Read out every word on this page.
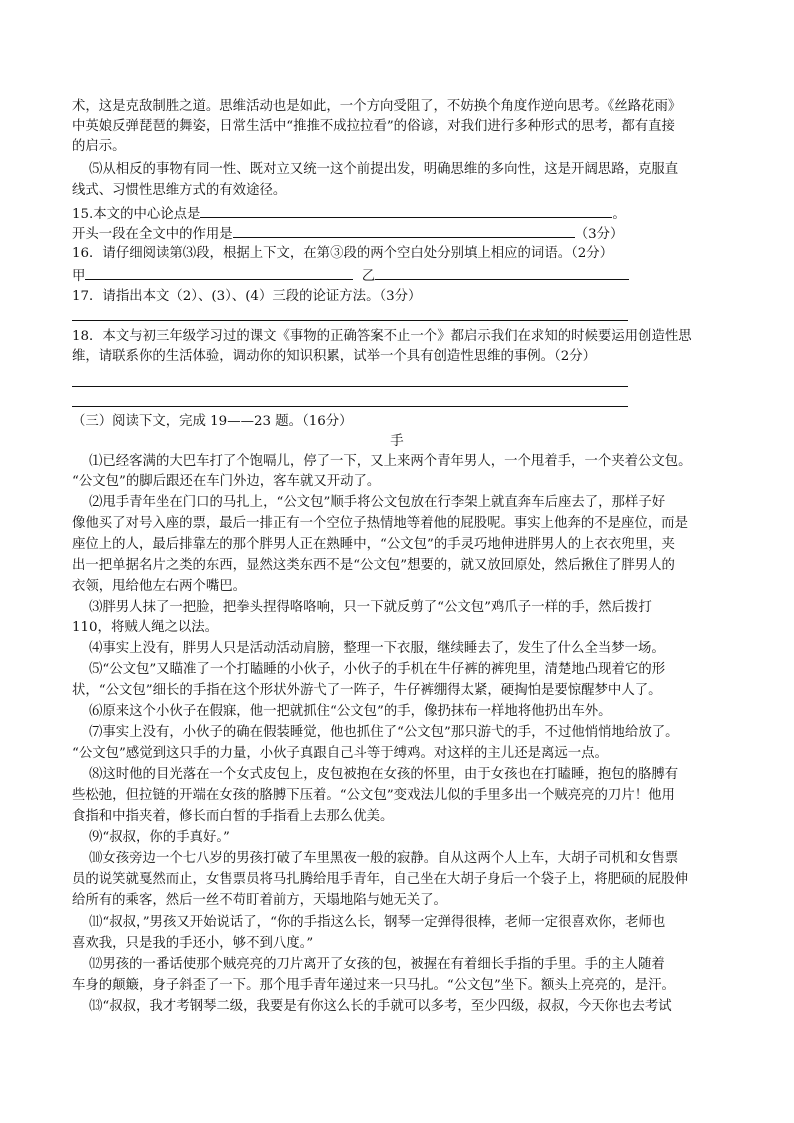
术，这是克敌制胜之道。思维活动也是如此，一个方向受阻了，不妨换个角度作逆向思考。《丝路花雨》
中英娘反弹琵琶的舞姿，日常生活中“推推不成拉拉看”的俗谚，对我们进行多种形式的思考，都有直接
的启示。
⑸从相反的事物有同一性、既对立又统一这个前提出发，明确思维的多向性，这是开阔思路，克服直
线式、习惯性思维方式的有效途径。
15.本文的中心论点是	。
开头一段在全文中的作用是	（3分）
16．请仔细阅读第⑶段，根据上下文，在第③段的两个空白处分别填上相应的词语。（2分）
甲	乙
17．请指出本文（2）、(3）、(4）三段的论证方法。（3分）
18．本文与初三年级学习过的课文《事物的正确答案不止一个》都启示我们在求知的时候要运用创造性思
维，请联系你的生活体验，调动你的知识积累，试举一个具有创造性思维的事例。（2分）
（三）阅读下文，完成 19——23 题。（16分）
手
⑴已经客满的大巴车打了个饱嗝儿，停了一下，又上来两个青年男人，一个甩着手，一个夹着公文包。
“公文包”的脚后跟还在车门外边，客车就又开动了。
⑵甩手青年坐在门口的马扎上，“公文包”顺手将公文包放在行李架上就直奔车后座去了，那样子好
像他买了对号入座的票，最后一排正有一个空位子热情地等着他的屁股呢。事实上他奔的不是座位，而是
座位上的人，最后排靠左的那个胖男人正在熟睡中，“公文包”的手灵巧地伸进胖男人的上衣衣兜里，夹
出一把单据名片之类的东西，显然这类东西不是“公文包”想要的，就又放回原处，然后揪住了胖男人的
衣领，甩给他左右两个嘴巴。
⑶胖男人抹了一把脸，把拳头捏得咯咯响，只一下就反剪了“公文包”鸡爪子一样的手，然后拨打
110，将贼人绳之以法。
⑷事实上没有，胖男人只是活动活动肩膀，整理一下衣服，继续睡去了，发生了什么全当梦一场。
⑸“公文包”又瞄准了一个打瞌睡的小伙子，小伙子的手机在牛仔裤的裤兜里，清楚地凸现着它的形
状，“公文包”细长的手指在这个形状外游弋了一阵子，牛仔裤绷得太紧，硬掏怕是要惊醒梦中人了。
⑹原来这个小伙子在假寐，他一把就抓住“公文包”的手，像扔抹布一样地将他扔出车外。
⑺事实上没有，小伙子的确在假装睡觉，他也抓住了“公文包”那只游弋的手，不过他悄悄地给放了。
“公文包”感觉到这只手的力量，小伙子真跟自己斗等于缚鸡。对这样的主儿还是离远一点。
⑻这时他的目光落在一个女式皮包上，皮包被抱在女孩的怀里，由于女孩也在打瞌睡，抱包的胳膊有
些松弛，但拉链的开端在女孩的胳膊下压着。“公文包”变戏法儿似的手里多出一个贼亮亮的刀片！他用
食指和中指夹着，修长而白皙的手指看上去那么优美。
⑼“叔叔，你的手真好。”
⑽女孩旁边一个七八岁的男孩打破了车里黑夜一般的寂静。自从这两个人上车，大胡子司机和女售票
员的说笑就戛然而止，女售票员将马扎腾给甩手青年，自己坐在大胡子身后一个袋子上，将肥硕的屁股伸
给所有的乘客，然后一丝不苟盯着前方，天塌地陷与她无关了。
⑾“叔叔，”男孩又开始说话了，“你的手指这么长，钢琴一定弹得很棒，老师一定很喜欢你，老师也
喜欢我，只是我的手还小，够不到八度。”
⑿男孩的一番话使那个贼亮亮的刀片离开了女孩的包，被握在有着细长手指的手里。手的主人随着
车身的颠簸，身子斜歪了一下。那个甩手青年递过来一只马扎。“公文包”坐下。额头上亮亮的，是汗。
⒀“叔叔，我才考钢琴二级，我要是有你这么长的手就可以多考，至少四级，叔叔，今天你也去考试
